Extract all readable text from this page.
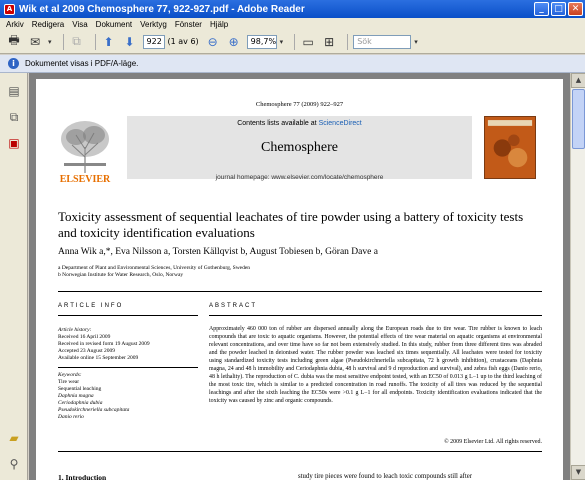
A Wik et al 2009 Chemosphere 77, 922-927.pdf - Adobe Reader	_	□ ✕
Arkiv	Redigera	Visa	Dokument	Verktyg	Fönster	Hjälp
🖶 ✉	▾	⧉	⬆ ⬇	922 (1 av 6) ⊖ ⊕	98,7% ▾ ▭ ⊞	Sök	▾
i	Dokumentet visas i PDF/A-läge.
▤
⧉
▣
▰
⚲
Chemosphere 77 (2009) 922–927
ELSEVIER
Contents lists available at ScienceDirect
Chemosphere
journal homepage: www.elsevier.com/locate/chemosphere
Toxicity assessment of sequential leachates of tire powder using a battery of toxicity tests and toxicity identification evaluations
Anna Wik a,*, Eva Nilsson a, Torsten Källqvist b, August Tobiesen b, Göran Dave a
a Department of Plant and Environmental Sciences, University of Gothenburg, Sweden
b Norwegian Institute for Water Research, Oslo, Norway
ARTICLE INFO	ABSTRACT
Article history:
Received 16 April 2009
Received in revised form 19 August 2009
Accepted 23 August 2009
Available online 15 September 2009
Keywords:
Tire wear
Sequential leaching
Daphnia magna
Ceriodaphnia dubia
Pseudokirchneriella subcapitata
Danio rerio
Approximately 460 000 ton of rubber are dispersed annually along the European roads due to tire wear. Tire rubber is known to leach compounds that are toxic to aquatic organisms. However, the potential effects of tire wear material on aquatic organisms at environmental relevant concentrations, and over time have so far not been extensively studied. In this study, rubber from three different tires was abraded and the powder leached in deionised water. The rubber powder was leached six times sequentially. All leachates were tested for toxicity using standardized toxicity tests including green algae (Pseudokirchneriella subcapitata, 72 h growth inhibition), crustaceans (Daphnia magna, 24 and 48 h immobility and Ceriodaphnia dubia, 48 h survival and 9 d reproduction and survival), and zebra fish eggs (Danio rerio, 48 h lethality). The reproduction of C. dubia was the most sensitive endpoint tested, with an EC50 of 0.013 g L−1 up to the third leaching of the most toxic tire, which is similar to a predicted concentration in road runoffs. The toxicity of all tires was reduced by the sequential leachings and after the sixth leaching the EC50s were >0.1 g L−1 for all endpoints. Toxicity identification evaluations indicated that the toxicity was caused by zinc and organic compounds.
© 2009 Elsevier Ltd. All rights reserved.
1. Introduction	study tire pieces were found to leach toxic compounds still after
▲
▼
